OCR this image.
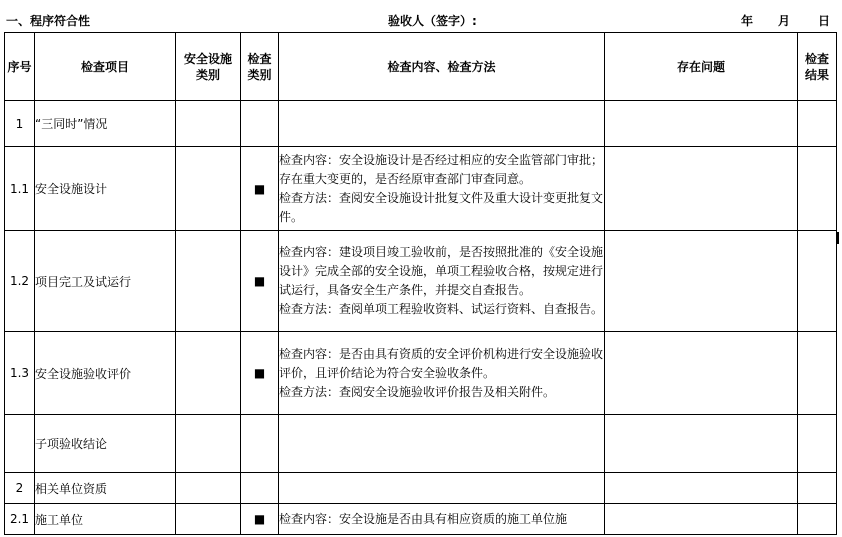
一、程序符合性	验收人（签字）:	年 月 日
序号	检查项目	安全设施类别	检查类别	检查内容、检查方法	存在问题	检查结果
1	“三同时”情况					
1.1	安全设施设计		■	检查内容：安全设施设计是否经过相应的安全监管部门审批；存在重大变更的，是否经原审查部门审查同意。
检查方法：查阅安全设施设计批复文件及重大设计变更批复文件。		

1.2	项目完工及试运行		■	检查内容：建设项目竣工验收前，是否按照批准的《安全设施设计》完成全部的安全设施，单项工程验收合格，按规定进行试运行，具备安全生产条件，并提交自查报告。
检查方法：查阅单项工程验收资料、试运行资料、自查报告。		

1.3	安全设施验收评价		■	检查内容：是否由具有资质的安全评价机构进行安全设施验收评价，且评价结论为符合安全验收条件。
检查方法：查阅安全设施验收评价报告及相关附件。		

	子项验收结论					
2	相关单位资质					
2.1	施工单位		■	检查内容：安全设施是否由具有相应资质的施工单位施		
